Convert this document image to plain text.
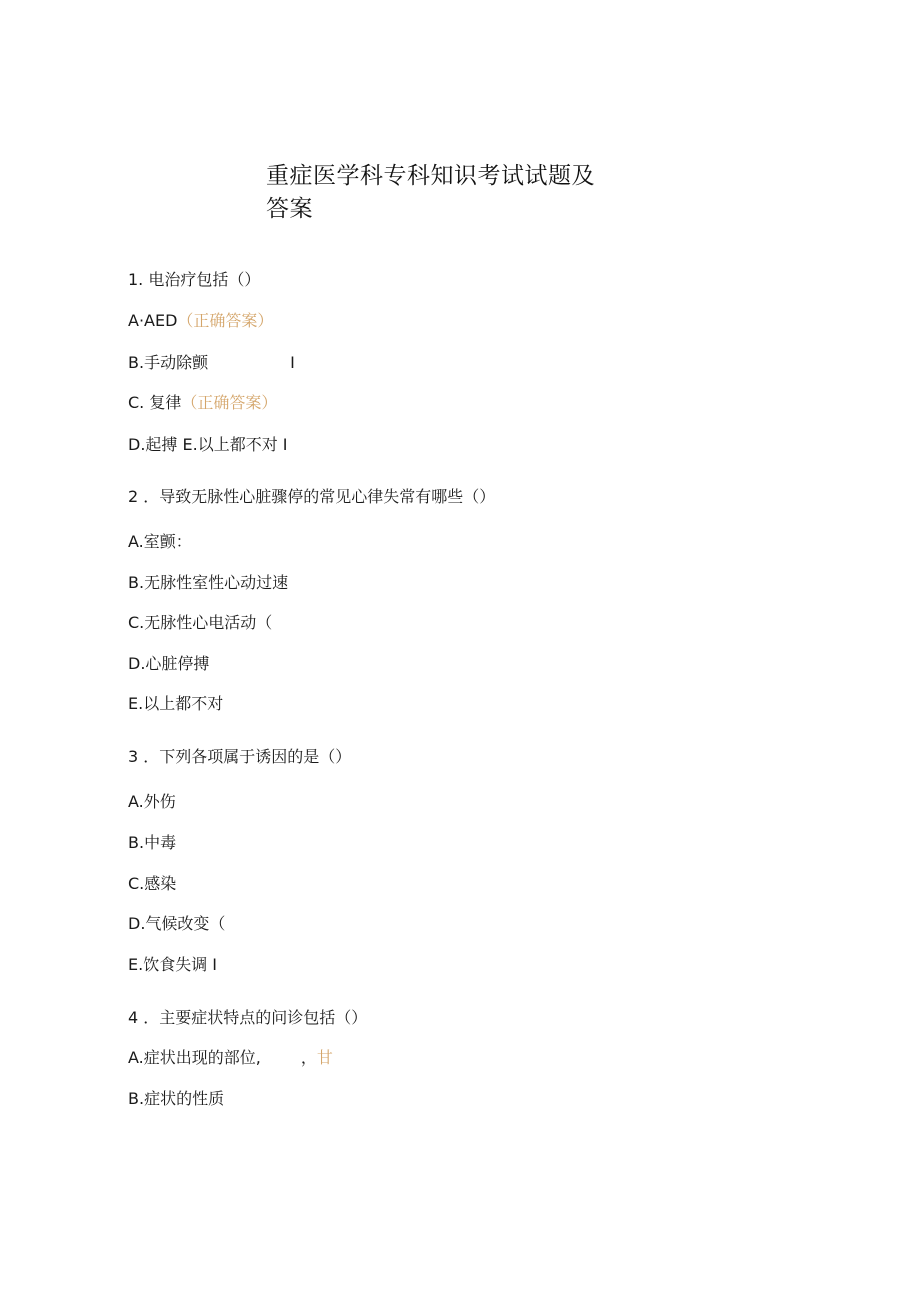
重症医学科专科知识考试试题及答案
1. 电治疗包括（）
A·AED（正确答案）
B.手动除颤	I
C. 复律（正确答案）
D.起搏 E.以上都不对 I
2 ．导致无脉性心脏骤停的常见心律失常有哪些（）
A.室颤：
B.无脉性室性心动过速
C.无脉性心电活动（
D.心脏停搏
E.以上都不对
3 ．下列各项属于诱因的是（）
A.外伤
B.中毒
C.感染
D.气候改变（
E.饮食失调 I
4 ．主要症状特点的问诊包括（）
A.症状出现的部位,	，甘
B.症状的性质
